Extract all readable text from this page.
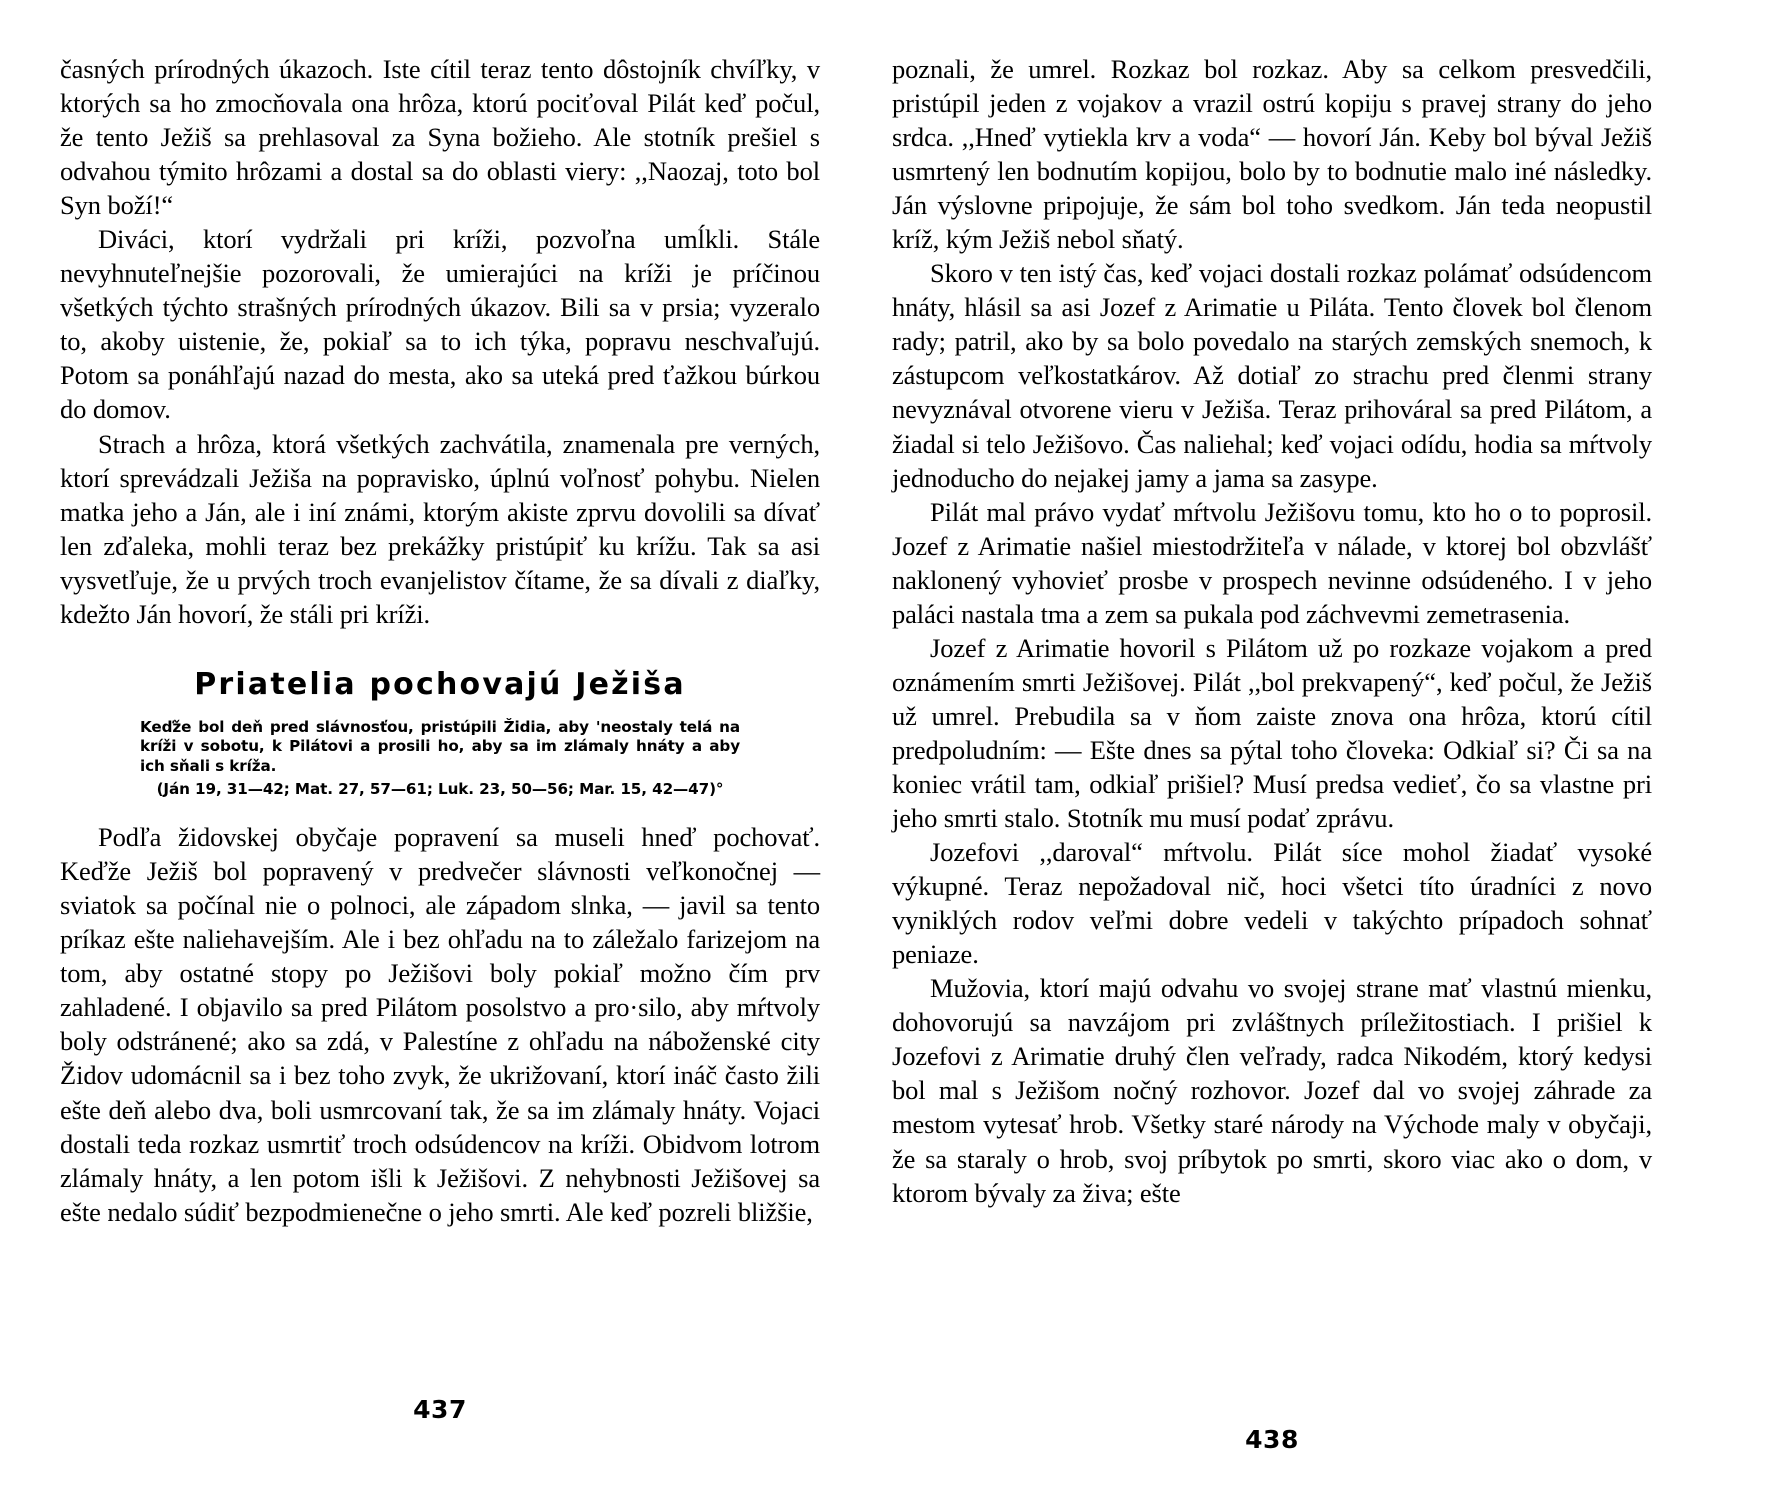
časných prírodných úkazoch. Iste cítil teraz tento dôstojník chvíľky, v ktorých sa ho zmocňovala ona hrôza, ktorú pociťoval Pilát keď počul, že tento Ježiš sa prehlasoval za Syna božieho. Ale stotník prešiel s odvahou týmito hrôzami a dostal sa do oblasti viery: ,,Naozaj, toto bol Syn boží!“

Diváci, ktorí vydržali pri kríži, pozvoľna umĺkli. Stále nevyhnuteľnejšie pozorovali, že umierajúci na kríži je príčinou všetkých týchto strašných prírodných úkazov. Bili sa v prsia; vyzeralo to, akoby uistenie, že, pokiaľ sa to ich týka, popravu neschvaľujú. Potom sa ponáhľajú nazad do mesta, ako sa uteká pred ťažkou búrkou do domov.

Strach a hrôza, ktorá všetkých zachvátila, znamenala pre verných, ktorí sprevádzali Ježiša na popravisko, úplnú voľnosť pohybu. Nielen matka jeho a Ján, ale i iní známi, ktorým akiste zprvu dovolili sa dívať len zďaleka, mohli teraz bez prekážky pristúpiť ku krížu. Tak sa asi vysvetľuje, že u prvých troch evanjelistov čítame, že sa dívali z diaľky, kdežto Ján hovorí, že stáli pri kríži.

Priatelia pochovajú Ježiša
Keďže bol deň pred slávnosťou, pristúpili Židia, aby 'neostaly telá na kríži v sobotu, k Pilátovi a prosili ho, aby sa im zlámaly hnáty a aby ich sňali s kríža.
(Ján 19, 31—42; Mat. 27, 57—61; Luk. 23, 50—56; Mar. 15, 42—47)°

Podľa židovskej obyčaje popravení sa museli hneď pochovať. Keďže Ježiš bol popravený v predvečer slávnosti veľkonočnej — sviatok sa počínal nie o polnoci, ale západom slnka, — javil sa tento príkaz ešte naliehavejším. Ale i bez ohľadu na to záležalo farizejom na tom, aby ostatné stopy po Ježišovi boly pokiaľ možno čím prv zahladené. I objavilo sa pred Pilátom posolstvo a pro·silo, aby mŕtvoly boly odstránené; ako sa zdá, v Palestíne z ohľadu na náboženské city Židov udomácnil sa i bez toho zvyk, že ukrižovaní, ktorí ináč často žili ešte deň alebo dva, boli usmrcovaní tak, že sa im zlámaly hnáty. Vojaci dostali teda rozkaz usmrtiť troch odsúdencov na kríži. Obidvom lotrom zlámaly hnáty, a len potom išli k Ježišovi. Z nehybnosti Ježišovej sa ešte nedalo súdiť bezpodmienečne o jeho smrti. Ale keď pozreli bližšie,

poznali, že umrel. Rozkaz bol rozkaz. Aby sa celkom presvedčili, pristúpil jeden z vojakov a vrazil ostrú kopiju s pravej strany do jeho srdca. ,,Hneď vytiekla krv a voda“ — hovorí Ján. Keby bol býval Ježiš usmrtený len bodnutím kopijou, bolo by to bodnutie malo iné následky. Ján výslovne pripojuje, že sám bol toho svedkom. Ján teda neopustil kríž, kým Ježiš nebol sňatý.

Skoro v ten istý čas, keď vojaci dostali rozkaz polámať odsúdencom hnáty, hlásil sa asi Jozef z Arimatie u Piláta. Tento človek bol členom rady; patril, ako by sa bolo povedalo na starých zemských snemoch, k zástupcom veľkostatkárov. Až dotiaľ zo strachu pred členmi strany nevyznával otvorene vieru v Ježiša. Teraz prihováral sa pred Pilátom, a žiadal si telo Ježišovo. Čas naliehal; keď vojaci odídu, hodia sa mŕtvoly jednoducho do nejakej jamy a jama sa zasype.

Pilát mal právo vydať mŕtvolu Ježišovu tomu, kto ho o to poprosil. Jozef z Arimatie našiel miestodržiteľa v nálade, v ktorej bol obzvlášť naklonený vyhovieť prosbe v prospech nevinne odsúdeného. I v jeho paláci nastala tma a zem sa pukala pod záchvevmi zemetrasenia.

Jozef z Arimatie hovoril s Pilátom už po rozkaze vojakom a pred oznámením smrti Ježišovej. Pilát ,,bol prekvapený“, keď počul, že Ježiš už umrel. Prebudila sa v ňom zaiste znova ona hrôza, ktorú cítil predpoludním: — Ešte dnes sa pýtal toho človeka: Odkiaľ si? Či sa na koniec vrátil tam, odkiaľ prišiel? Musí predsa vedieť, čo sa vlastne pri jeho smrti stalo. Stotník mu musí podať zprávu.

Jozefovi ,,daroval“ mŕtvolu. Pilát síce mohol žiadať vysoké výkupné. Teraz nepožadoval nič, hoci všetci títo úradníci z novo vyniklých rodov veľmi dobre vedeli v takýchto prípadoch sohnať peniaze.

Mužovia, ktorí majú odvahu vo svojej strane mať vlastnú mienku, dohovorujú sa navzájom pri zvláštnych príležitostiach. I prišiel k Jozefovi z Arimatie druhý člen veľrady, radca Nikodém, ktorý kedysi bol mal s Ježišom nočný rozhovor. Jozef dal vo svojej záhrade za mestom vytesať hrob. Všetky staré národy na Východe maly v obyčaji, že sa staraly o hrob, svoj príbytok po smrti, skoro viac ako o dom, v ktorom bývaly za živa; ešte

437
438
